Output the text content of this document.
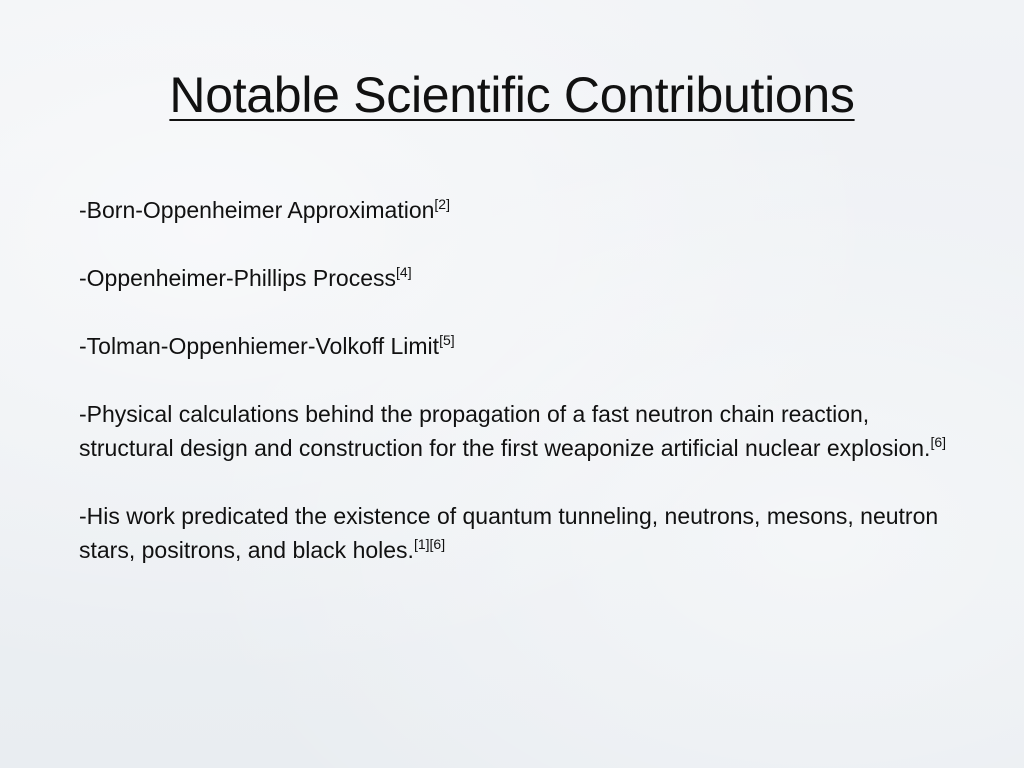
Notable Scientific Contributions
-Born-Oppenheimer Approximation[2]
-Oppenheimer-Phillips Process[4]
-Tolman-Oppenhiemer-Volkoff Limit[5]
-Physical calculations behind the propagation of a fast neutron chain reaction, structural design and construction for the first weaponize artificial nuclear explosion.[6]
-His work predicated the existence of quantum tunneling, neutrons, mesons, neutron stars, positrons, and black holes.[1][6]
